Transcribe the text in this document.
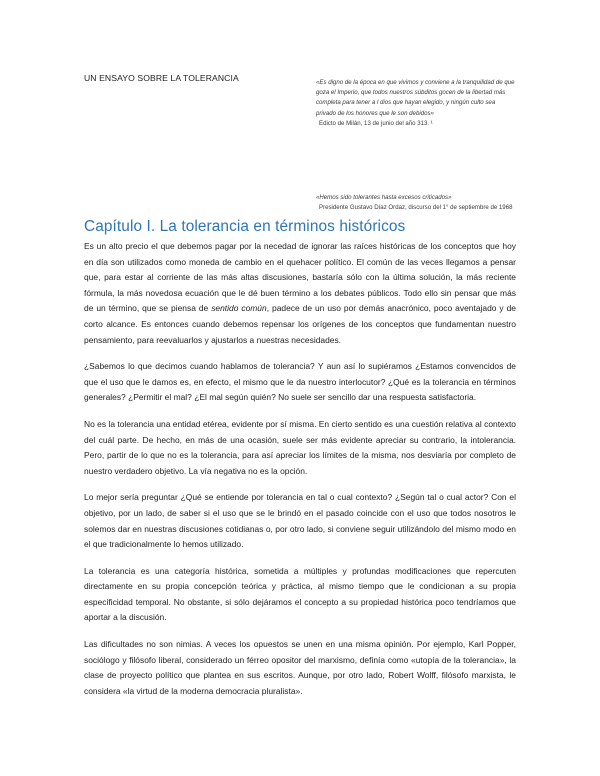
UN ENSAYO SOBRE LA TOLERANCIA	«Es digno de la época en que vivimos y conviene a la tranquilidad de que goza el Imperio, que todos nuestros súbditos gocen de la libertad más completa para tener a l dios que hayan elegido, y ningún culto sea privado de los honores que le son debidos»
Edicto de Milán, 13 de junio del año 313. ¹
«Hemos sido tolerantes hasta excesos criticados»
Presidente Gustavo Díaz Ordaz, discurso del 1° de septiembre de 1968
Capítulo I. La tolerancia en términos históricos

Es un alto precio el que debemos pagar por la necedad de ignorar las raíces históricas de los conceptos que hoy en día son utilizados como moneda de cambio en el quehacer político. El común de las veces llegamos a pensar que, para estar al corriente de las más altas discusiones, bastaría sólo con la última solución, la más reciente fórmula, la más novedosa ecuación que le dé buen término a los debates públicos. Todo ello sin pensar que más de un término, que se piensa de sentido común, padece de un uso por demás anacrónico, poco aventajado y de corto alcance. Es entonces cuando debemos repensar los orígenes de los conceptos que fundamentan nuestro pensamiento, para reevaluarlos y ajustarlos a nuestras necesidades.

¿Sabemos lo que decimos cuando hablamos de tolerancia? Y aun así lo supiéramos ¿Estamos convencidos de que el uso que le damos es, en efecto, el mismo que le da nuestro interlocutor? ¿Qué es la tolerancia en términos generales? ¿Permitir el mal? ¿El mal según quién? No suele ser sencillo dar una respuesta satisfactoria.

No es la tolerancia una entidad etérea, evidente por sí misma. En cierto sentido es una cuestión relativa al contexto del cuál parte. De hecho, en más de una ocasión, suele ser más evidente apreciar su contrario, la intolerancia. Pero, partir de lo que no es la tolerancia, para así apreciar los límites de la misma, nos desviaría por completo de nuestro verdadero objetivo. La vía negativa no es la opción.

Lo mejor sería preguntar ¿Qué se entiende por tolerancia en tal o cual contexto? ¿Según tal o cual actor? Con el objetivo, por un lado, de saber si el uso que se le brindó en el pasado coincide con el uso que todos nosotros le solemos dar en nuestras discusiones cotidianas o, por otro lado, si conviene seguir utilizándolo del mismo modo en el que tradicionalmente lo hemos utilizado.

La tolerancia es una categoría histórica, sometida a múltiples y profundas modificaciones que repercuten directamente en su propia concepción teórica y práctica, al mismo tiempo que le condicionan a su propia especificidad temporal. No obstante, si sólo dejáramos el concepto a su propiedad histórica poco tendríamos que aportar a la discusión.

Las dificultades no son nimias. A veces los opuestos se unen en una misma opinión. Por ejemplo, Karl Popper, sociólogo y filósofo liberal, considerado un férreo opositor del marxismo, definía como «utopía de la tolerancia», la clase de proyecto político que plantea en sus escritos. Aunque, por otro lado, Robert Wolff, filósofo marxista, le considera «la virtud de la moderna democracia pluralista».
